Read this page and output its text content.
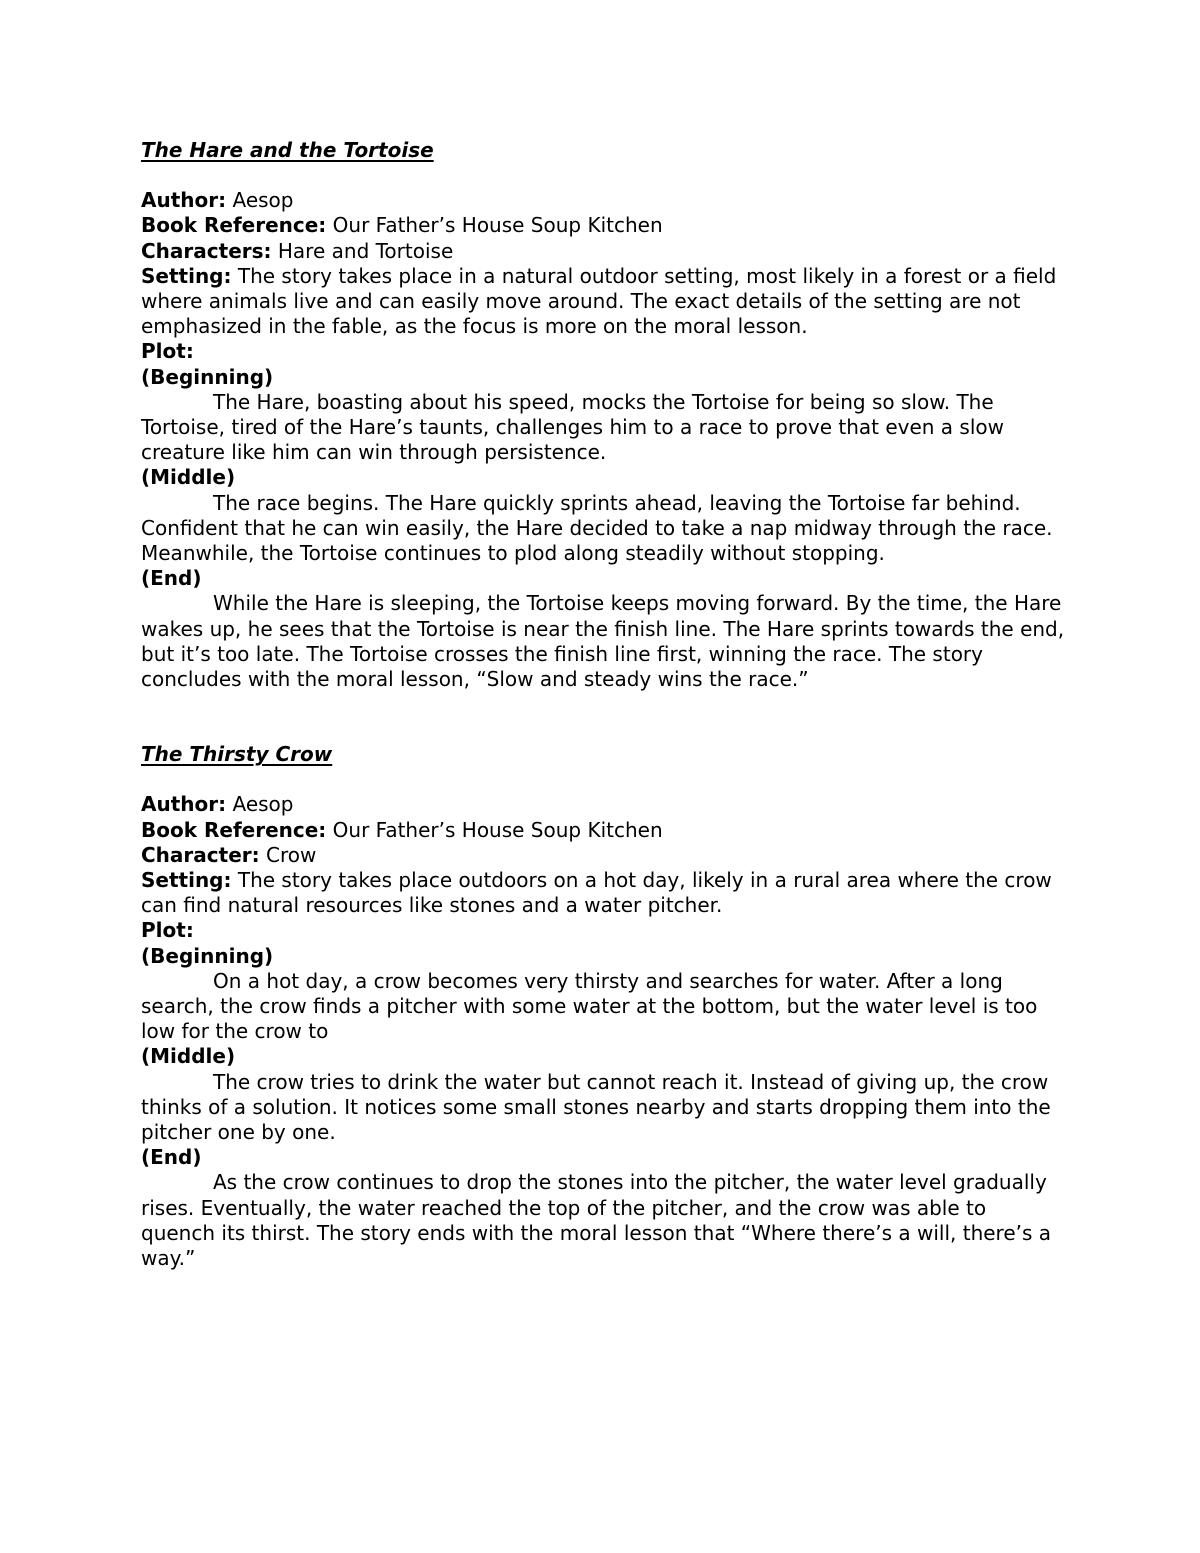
The Hare and the Tortoise

Author: Aesop

Book Reference: Our Father’s House Soup Kitchen

Characters: Hare and Tortoise

Setting: The story takes place in a natural outdoor setting, most likely in a forest or a field where animals live and can easily move around. The exact details of the setting are not emphasized in the fable, as the focus is more on the moral lesson.

Plot:

(Beginning)

The Hare, boasting about his speed, mocks the Tortoise for being so slow. The Tortoise, tired of the Hare’s taunts, challenges him to a race to prove that even a slow creature like him can win through persistence.

(Middle)

The race begins. The Hare quickly sprints ahead, leaving the Tortoise far behind. Confident that he can win easily, the Hare decided to take a nap midway through the race. Meanwhile, the Tortoise continues to plod along steadily without stopping.

(End)

While the Hare is sleeping, the Tortoise keeps moving forward. By the time, the Hare wakes up, he sees that the Tortoise is near the finish line. The Hare sprints towards the end, but it’s too late. The Tortoise crosses the finish line first, winning the race. The story concludes with the moral lesson, “Slow and steady wins the race.”

The Thirsty Crow

Author: Aesop

Book Reference: Our Father’s House Soup Kitchen

Character: Crow

Setting: The story takes place outdoors on a hot day, likely in a rural area where the crow can find natural resources like stones and a water pitcher.

Plot:

(Beginning)

On a hot day, a crow becomes very thirsty and searches for water. After a long search, the crow finds a pitcher with some water at the bottom, but the water level is too low for the crow to

(Middle)

The crow tries to drink the water but cannot reach it. Instead of giving up, the crow thinks of a solution. It notices some small stones nearby and starts dropping them into the pitcher one by one.

(End)

As the crow continues to drop the stones into the pitcher, the water level gradually rises. Eventually, the water reached the top of the pitcher, and the crow was able to quench its thirst. The story ends with the moral lesson that “Where there’s a will, there’s a way.”
